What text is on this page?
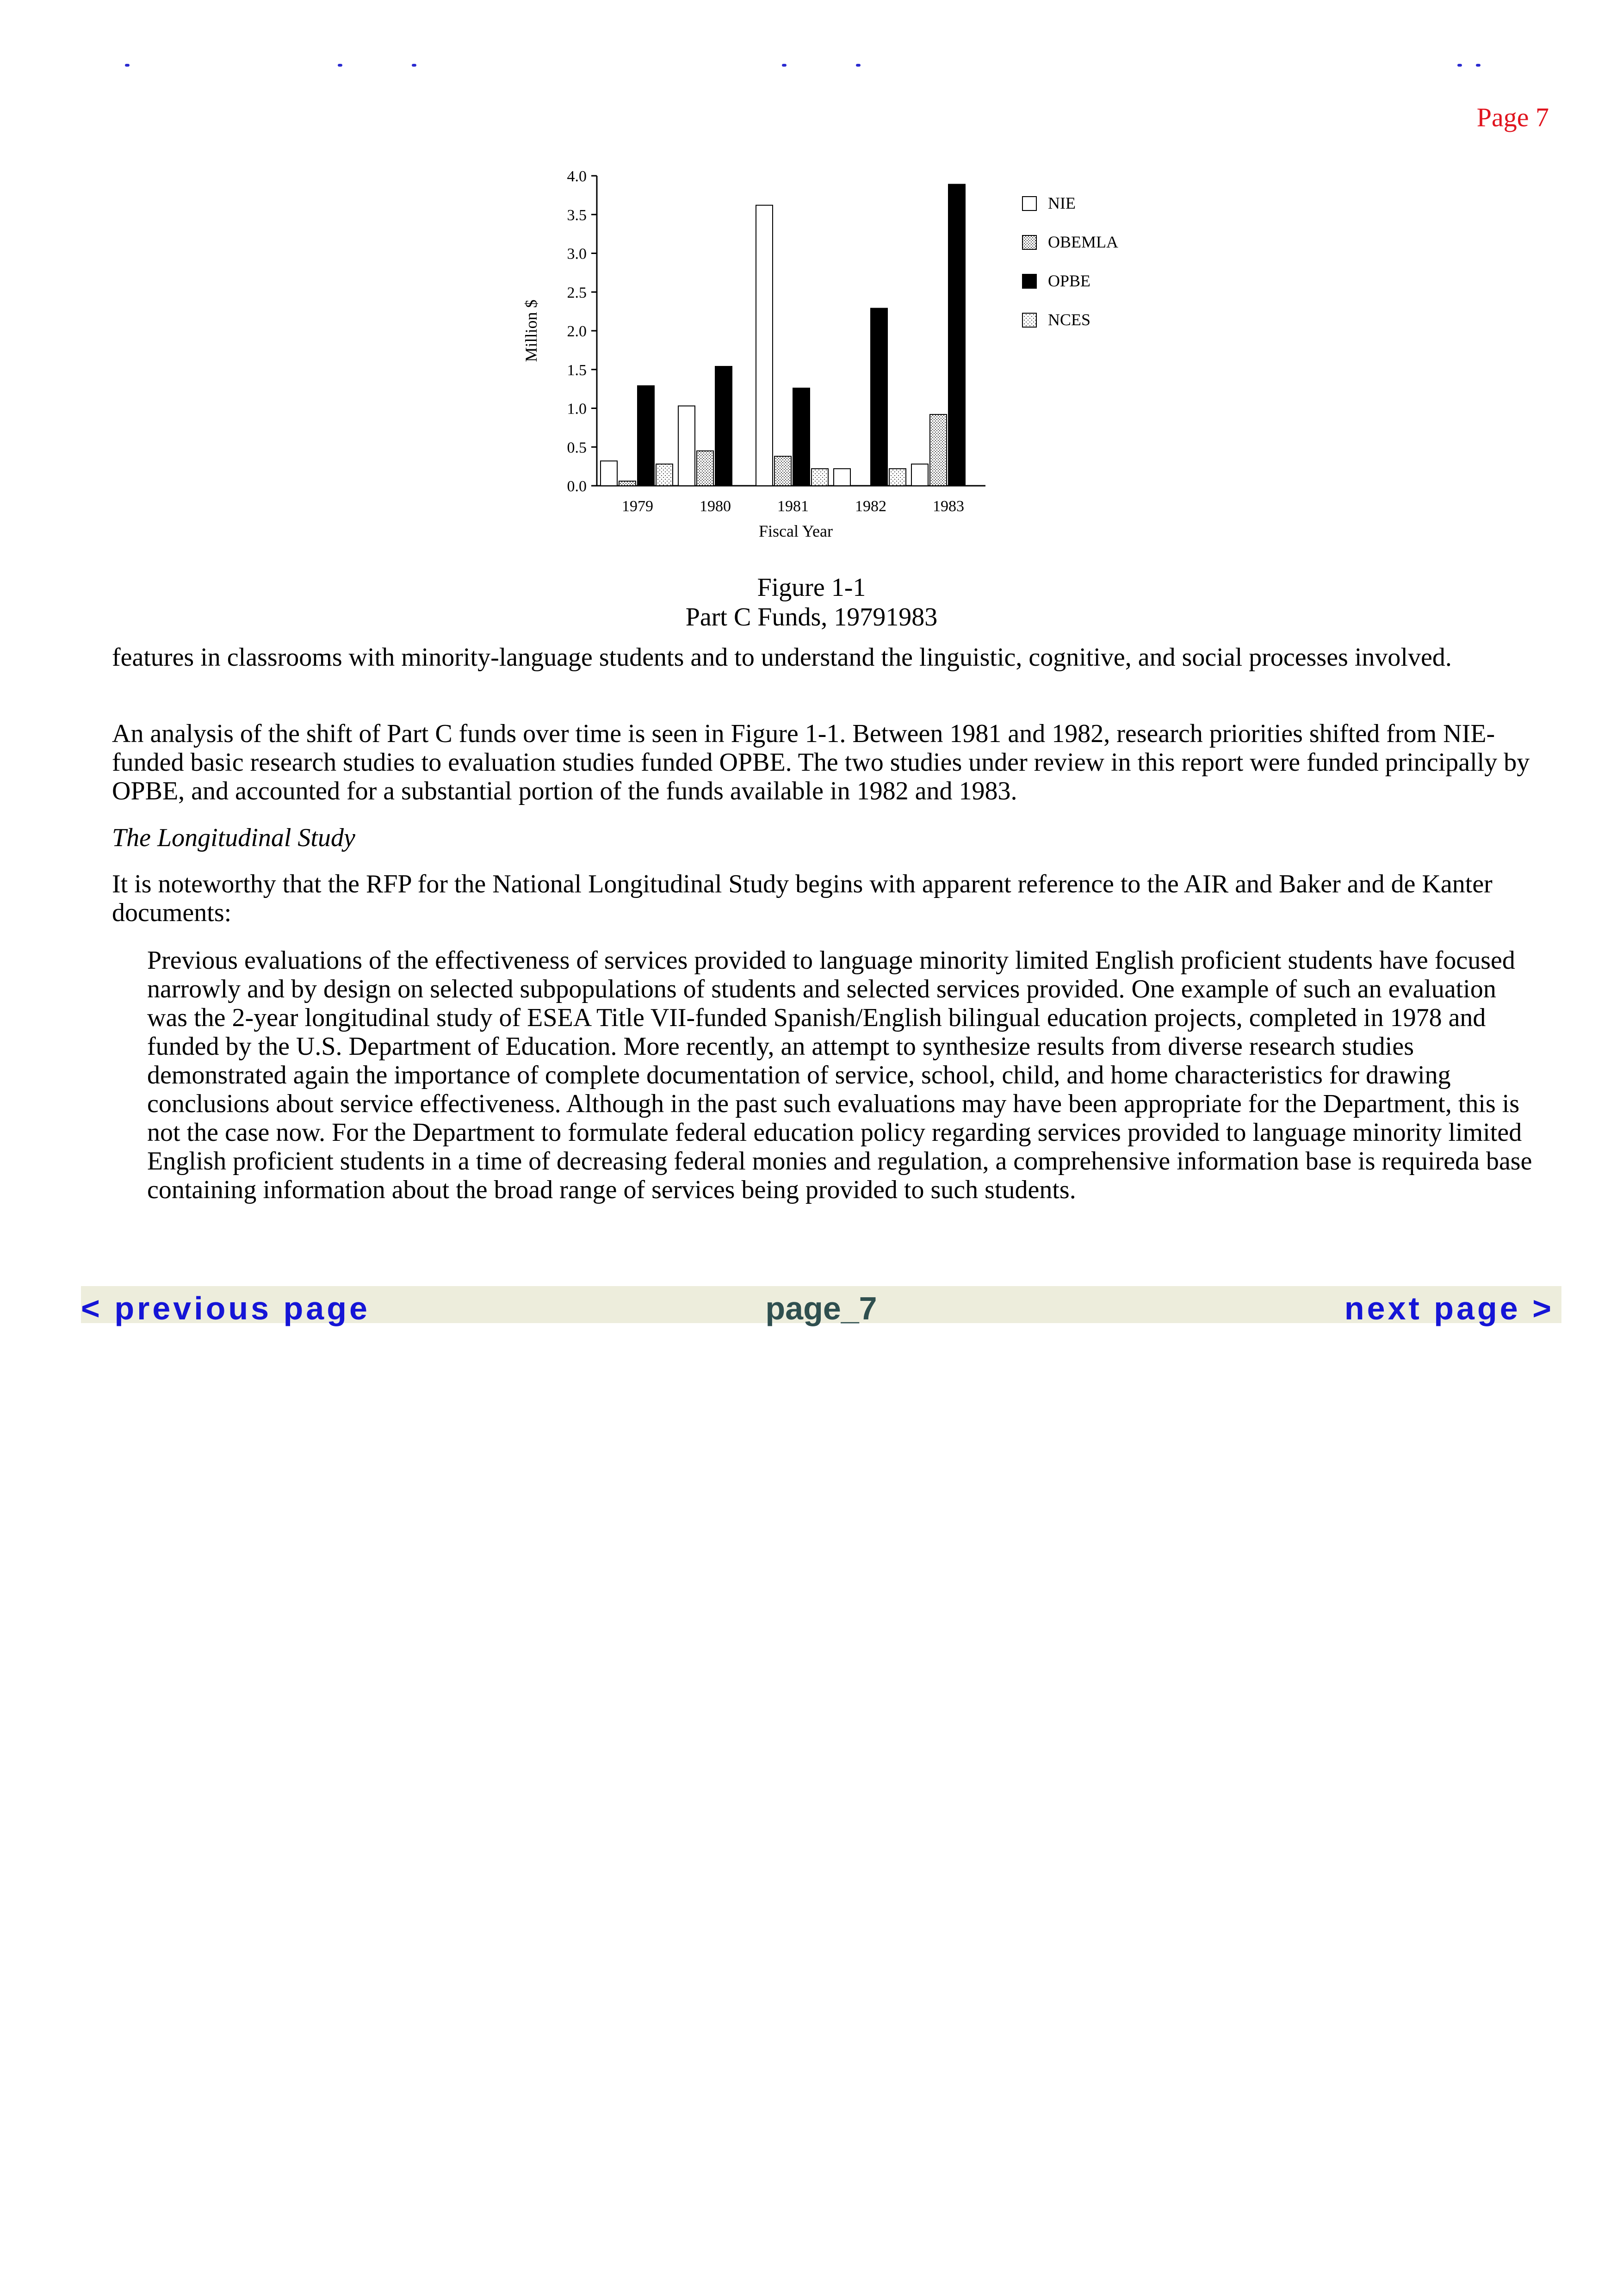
Page 7
0.0
0.5
1.0
1.5
2.0
2.5
3.0
3.5
4.0
Million $
Fiscal Year
1979	1980	1981	1982	1983
NIE
OBEMLA
OPBE
NCES
Figure 1-1
Part C Funds, 19791983

features in classrooms with minority-language students and to understand the linguistic, cognitive, and social processes involved.

An analysis of the shift of Part C funds over time is seen in Figure 1-1. Between 1981 and 1982, research priorities shifted from NIE-funded basic research studies to evaluation studies funded OPBE. The two studies under review in this report were funded principally by OPBE, and accounted for a substantial portion of the funds available in 1982 and 1983.

The Longitudinal Study

It is noteworthy that the RFP for the National Longitudinal Study begins with apparent reference to the AIR and Baker and de Kanter documents:

Previous evaluations of the effectiveness of services provided to language minority limited English proficient students have focused narrowly and by design on selected subpopulations of students and selected services provided. One example of such an evaluation was the 2-year longitudinal study of ESEA Title VII-funded Spanish/English bilingual education projects, completed in 1978 and funded by the U.S. Department of Education. More recently, an attempt to synthesize results from diverse research studies demonstrated again the importance of complete documentation of service, school, child, and home characteristics for drawing conclusions about service effectiveness. Although in the past such evaluations may have been appropriate for the Department, this is not the case now. For the Department to formulate federal education policy regarding services provided to language minority limited English proficient students in a time of decreasing federal monies and regulation, a comprehensive information base is requireda base containing information about the broad range of services being provided to such students.
page_7
< previous page	next page >
